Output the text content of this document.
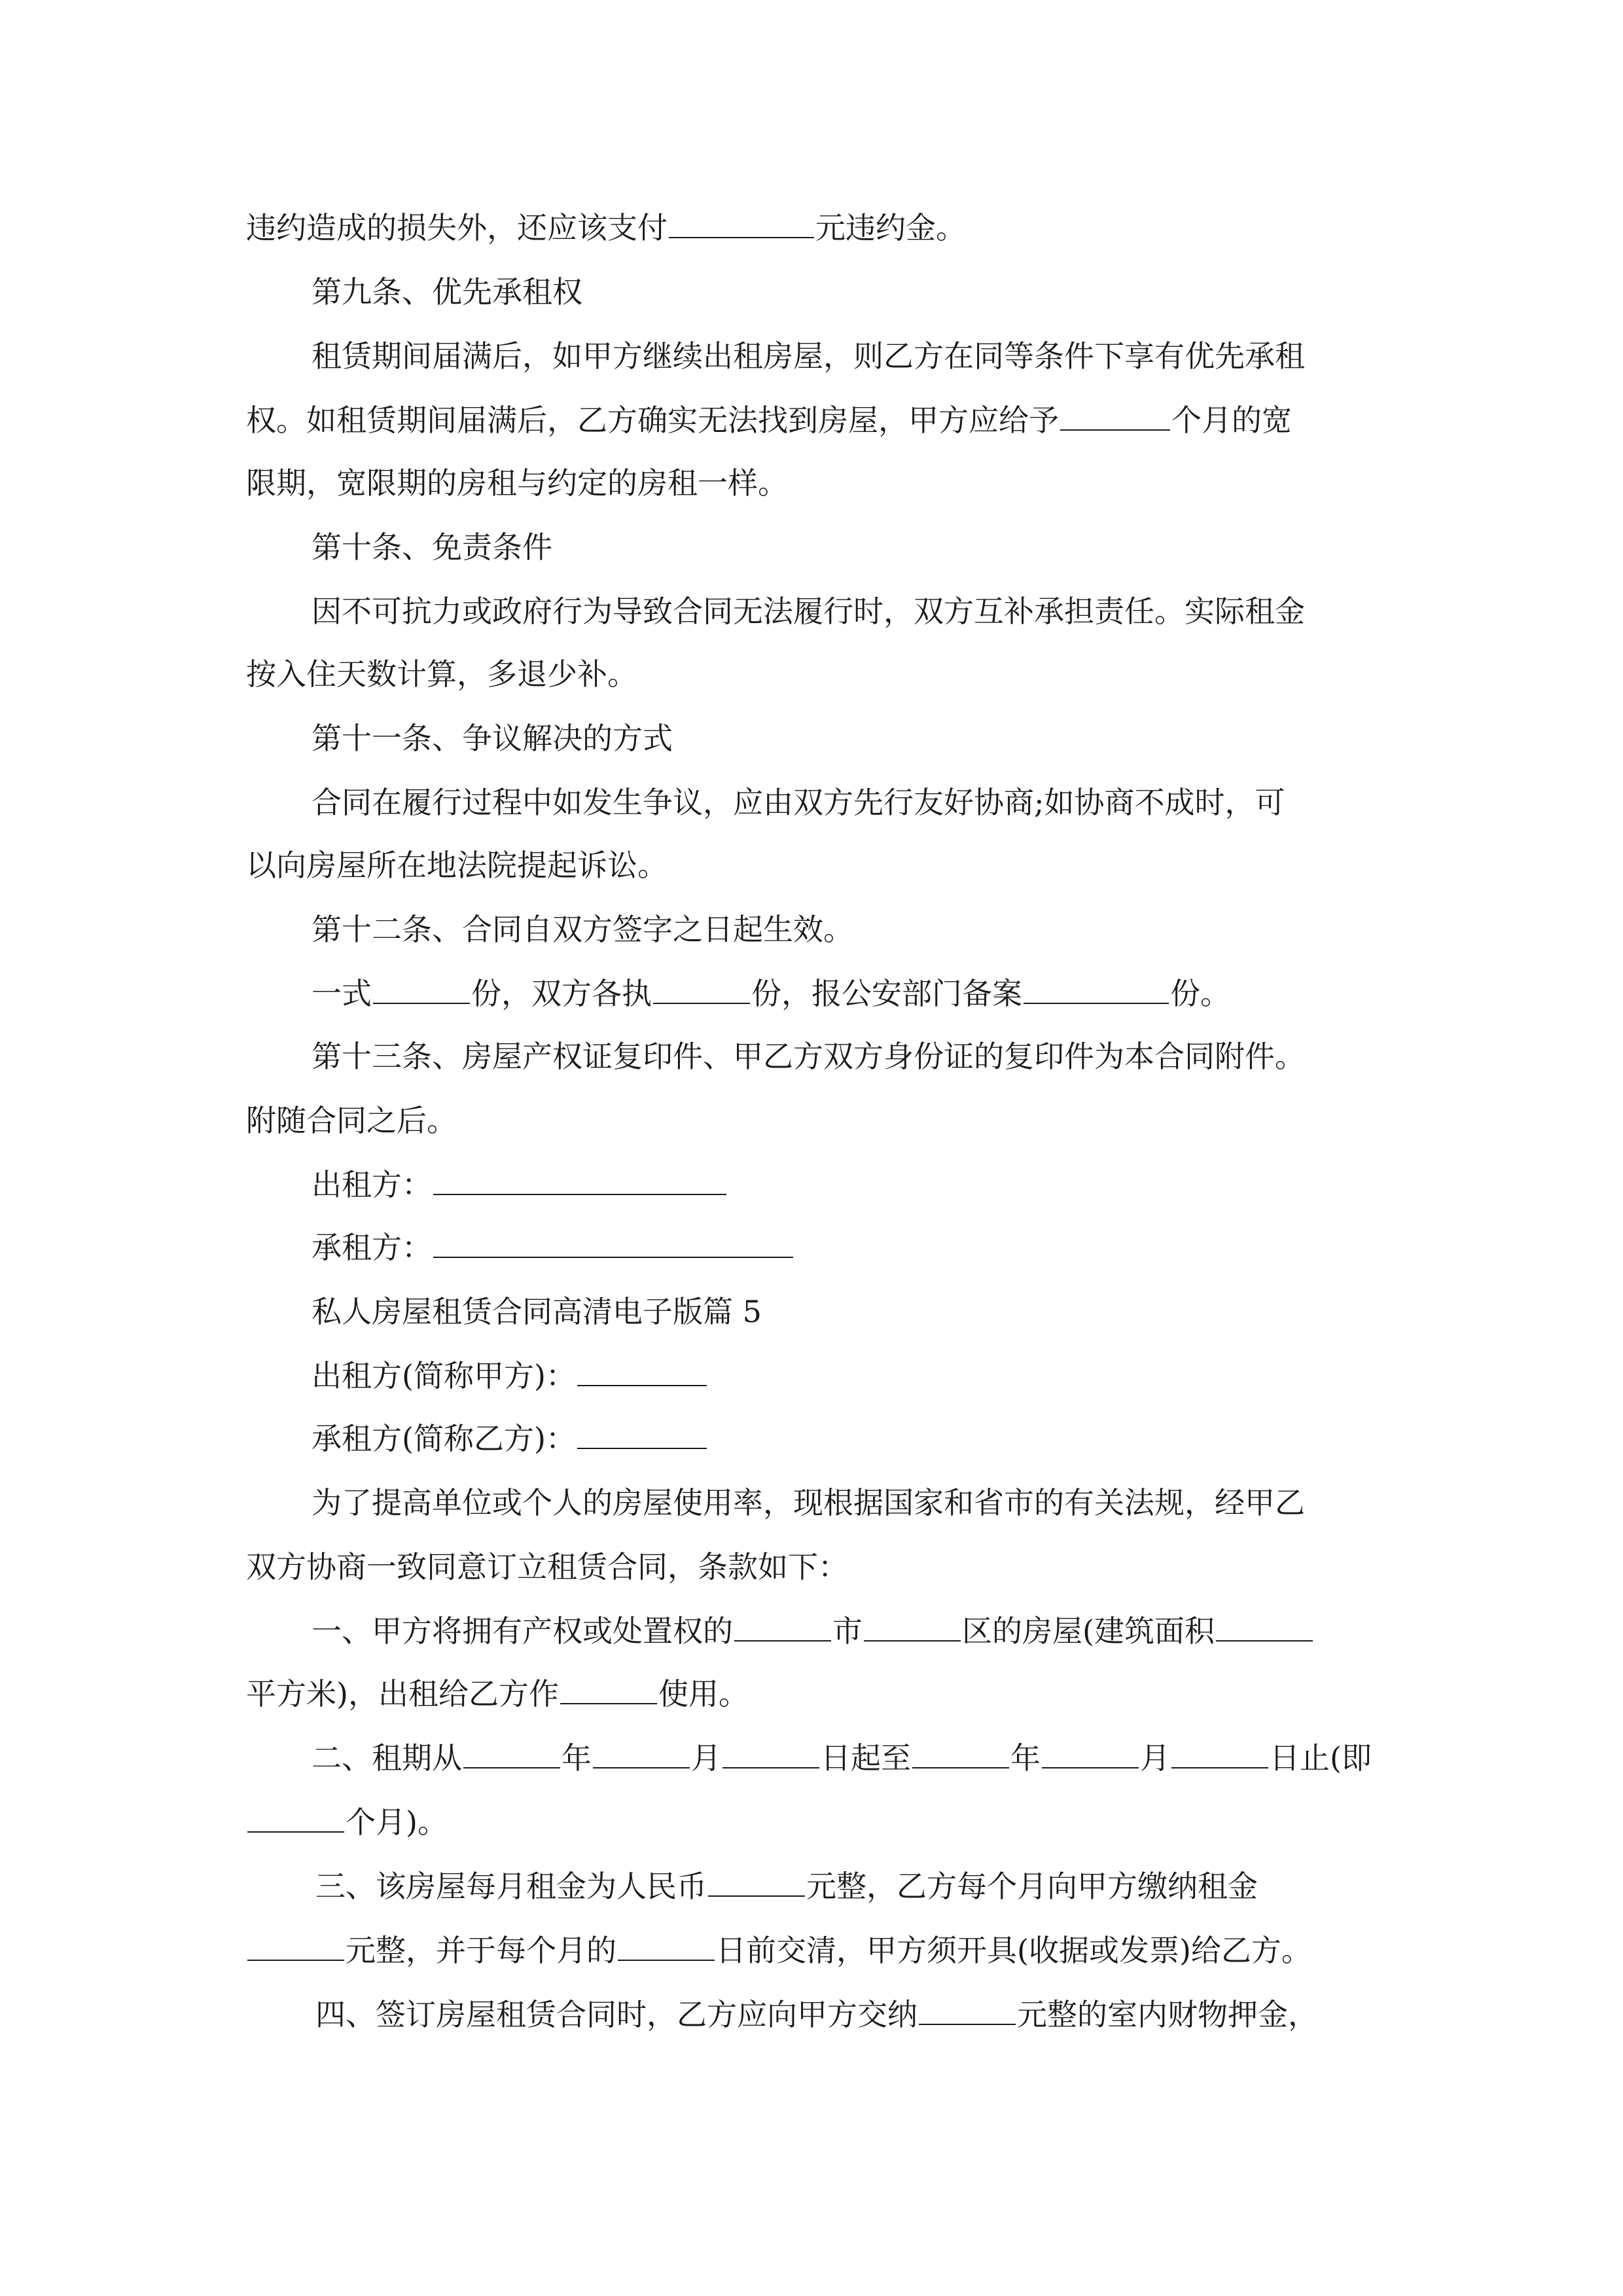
违约造成的损失外，还应该支付	元违约金。
第九条、优先承租权
租赁期间届满后，如甲方继续出租房屋，则乙方在同等条件下享有优先承租
权。如租赁期间届满后，乙方确实无法找到房屋，甲方应给予	个月的宽
限期，宽限期的房租与约定的房租一样。
第十条、免责条件
因不可抗力或政府行为导致合同无法履行时，双方互补承担责任。实际租金
按入住天数计算，多退少补。
第十一条、争议解决的方式
合同在履行过程中如发生争议，应由双方先行友好协商;如协商不成时，可
以向房屋所在地法院提起诉讼。
第十二条、合同自双方签字之日起生效。
一式	份，双方各执	份，报公安部门备案	份。
第十三条、房屋产权证复印件、甲乙方双方身份证的复印件为本合同附件。
附随合同之后。
出租方：
承租方：
私人房屋租赁合同高清电子版篇 5
出租方(简称甲方)：
承租方(简称乙方)：
为了提高单位或个人的房屋使用率，现根据国家和省市的有关法规，经甲乙
双方协商一致同意订立租赁合同，条款如下：
一、甲方将拥有产权或处置权的	市	区的房屋(建筑面积
平方米)，出租给乙方作	使用。
二、租期从	年	月	日起至	年	月	日止(即
个月)。
三、该房屋每月租金为人民币	元整，乙方每个月向甲方缴纳租金
元整，并于每个月的	日前交清，甲方须开具(收据或发票)给乙方。
四、签订房屋租赁合同时，乙方应向甲方交纳	元整的室内财物押金，
